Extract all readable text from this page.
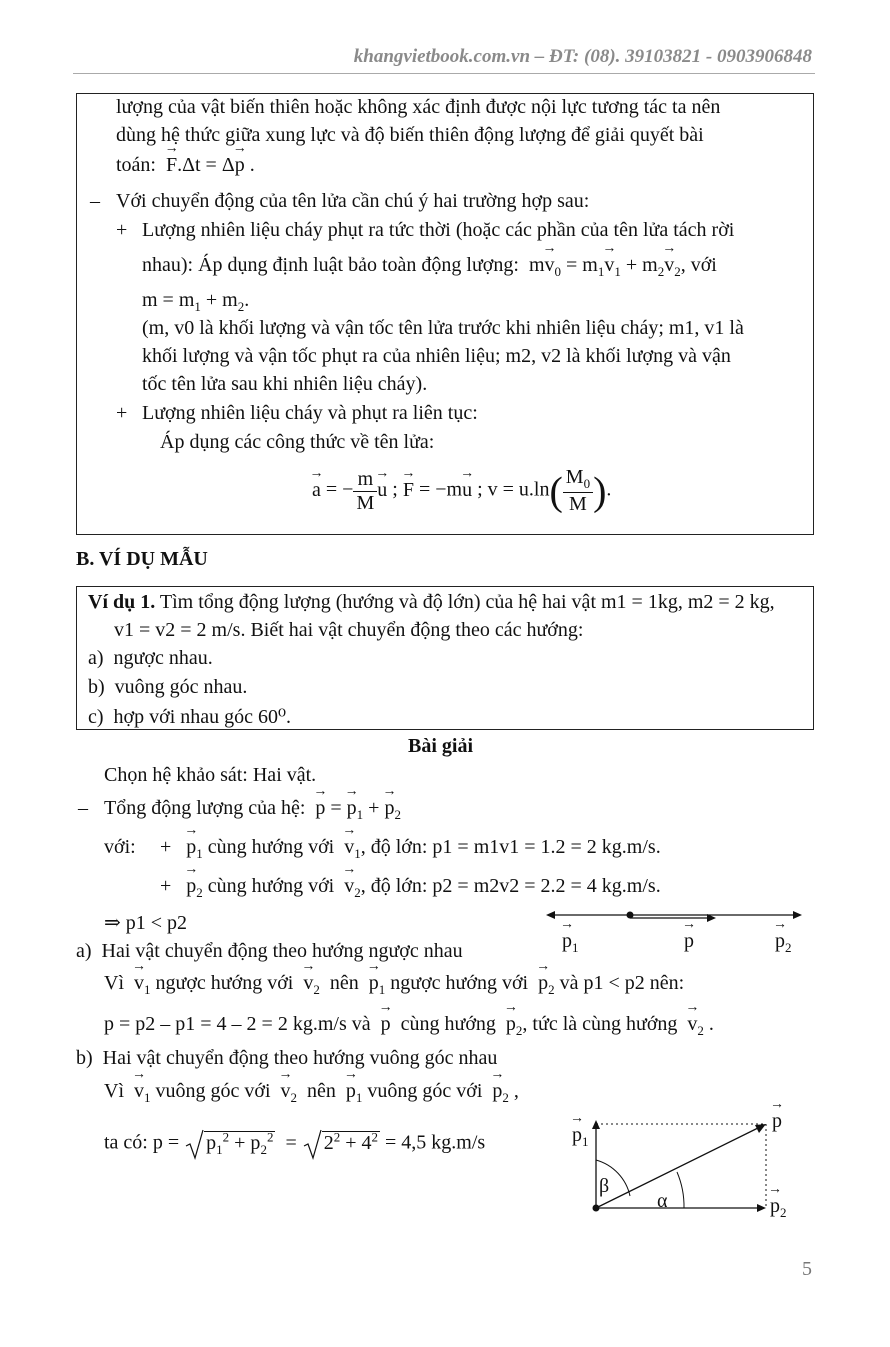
khangvietbook.com.vn – ĐT: (08). 39103821 - 0903906848
lượng của vật biến thiên hoặc không xác định được nội lực tương tác ta nên
dùng hệ thức giữa xung lực và độ biến thiên động lượng để giải quyết bài
toán:  → F.Δt = Δ→ p .
– Với chuyển động của tên lửa cần chú ý hai trường hợp sau:
+ Lượng nhiên liệu cháy phụt ra tức thời (hoặc các phần của tên lửa tách rời
nhau): Áp dụng định luật bảo toàn động lượng:  $m\to v_0 = m_1\to v_1 + m_2\to v_2$, với
$m = m_1 + m_2$.
(m, v0 là khối lượng và vận tốc tên lửa trước khi nhiên liệu cháy; m1, v1 là
khối lượng và vận tốc phụt ra của nhiên liệu; m2, v2 là khối lượng và vận
tốc tên lửa sau khi nhiên liệu cháy).
+ Lượng nhiên liệu cháy và phụt ra liên tục:
Áp dụng các công thức về tên lửa:
→ a = − $\frac{m}{M}$
→ u ; → F = −m→ u ; $v = u.\ln( \frac{M_0}{M}$ ).
B. VÍ DỤ MẪU
Ví dụ 1. Tìm tổng động lượng (hướng và độ lớn) của hệ hai vật m1 = 1kg, m2 = 2 kg,
v1 = v2 = 2 m/s. Biết hai vật chuyển động theo các hướng:
a)  ngược nhau.
b)  vuông góc nhau.
c)  hợp với nhau góc 60⁰.
Bài giải
Chọn hệ khảo sát: Hai vật.
– Tổng động lượng của hệ:  → p = → $p_1$ + → $p_2$
với: +   → $p_1$ cùng hướng với  → $v_1$, độ lớn: p1 = m1v1 = 1.2 = 2 kg.m/s.
+   → $p_2$ cùng hướng với  → $v_2$, độ lớn: p2 = m2v2 = 2.2 = 4 kg.m/s.
⇒ p1 < p2
→ $p_1$
→	p
→	$p_2$
a)  Hai vật chuyển động theo hướng ngược nhau
Vì  → $v_1$ ngược hướng với  → $v_2$ nên  → $p_1$ ngược hướng với  → $p_2$ và p1 < p2 nên:
p = p2 – p1 = 4 – 2 = 2 kg.m/s và  → p cùng hướng  → $p_2$, tức là cùng hướng  → $v_2$ .
b)  Hai vật chuyển động theo hướng vuông góc nhau
Vì  → $v_1$ vuông góc với  → $v_2$ nên  → $p_1$ vuông góc với  → $p_2$ ,
ta có: $p = p_1^2 + p_2^2 = 2^2 + 4^2 = 4,5$ kg.m/s
→	$p_1$
→ p
→ $p_2$
β
α
5
